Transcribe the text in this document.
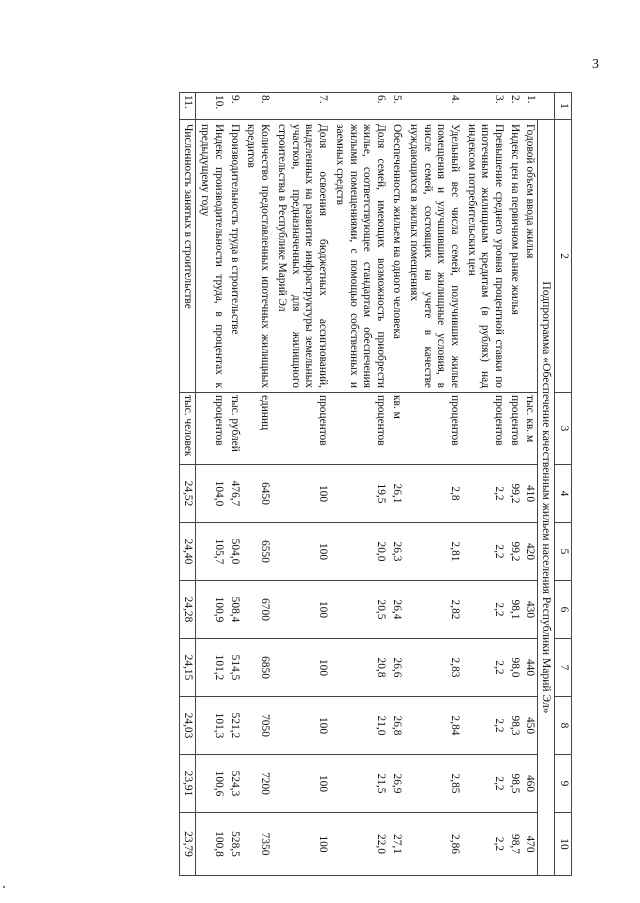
3
1	2	3	4	5	6	7	8	9	10
	Подпрограмма «Обеспечение качественным жильем населения Республики Марий Эл»								
1.	Годовой объем ввода жилья	тыс. кв. м	410	420	430	440	450	460	470
2.	Индекс цен на первичном рынке жилья	процентов	99,2	99,2	98,1	98,0	98,3	98,5	98,7
3.	Превышение среднего уровня процентной ставки по ипотечным жилищным кредитам (в рублях) над индексом потребительских цен	процентов	2,2	2,2	2,2	2,2	2,2	2,2	2,2
4.	Удельный вес числа семей, получивших жилые помещения и улучшивших жилищные условия, в числе семей, состоящих на учете в качестве нуждающихся в жилых помещениях	процентов	2,8	2,81	2,82	2,83	2,84	2,85	2,86
5.	Обеспеченность жильем на одного человека	кв. м	26,1	26,3	26,4	26,6	26,8	26,9	27,1
6.	Доля семей, имеющих возможность приобрести жилье, соответствующее стандартам обеспечения жилыми помещениями, с помощью собственных и заемных средств	процентов	19,5	20,0	20,5	20,8	21,0	21,5	22,0
7.	Доля освоения бюджетных ассигнований, выделенных на развитие инфраструктуры земельных участков, предназначенных для жилищного строительства в Республике Марий Эл	процентов	100	100	100	100	100	100	100
8.	Количество предоставленных ипотечных жилищных кредитов	единиц	6450	6550	6700	6850	7050	7200	7350
9.	Производительность труда в строительстве	тыс. рублей	476,7	504,0	508,4	514,5	521,2	524,3	528,5
10.	Индекс производительности труда, в процентах к предыдущему году	процентов	104,0	105,7	100,9	101,2	101,3	100,6	100,8
11.	Численность занятых в строительстве	тыс. человек	24,52	24,40	24,28	24,15	24,03	23,91	23,79
